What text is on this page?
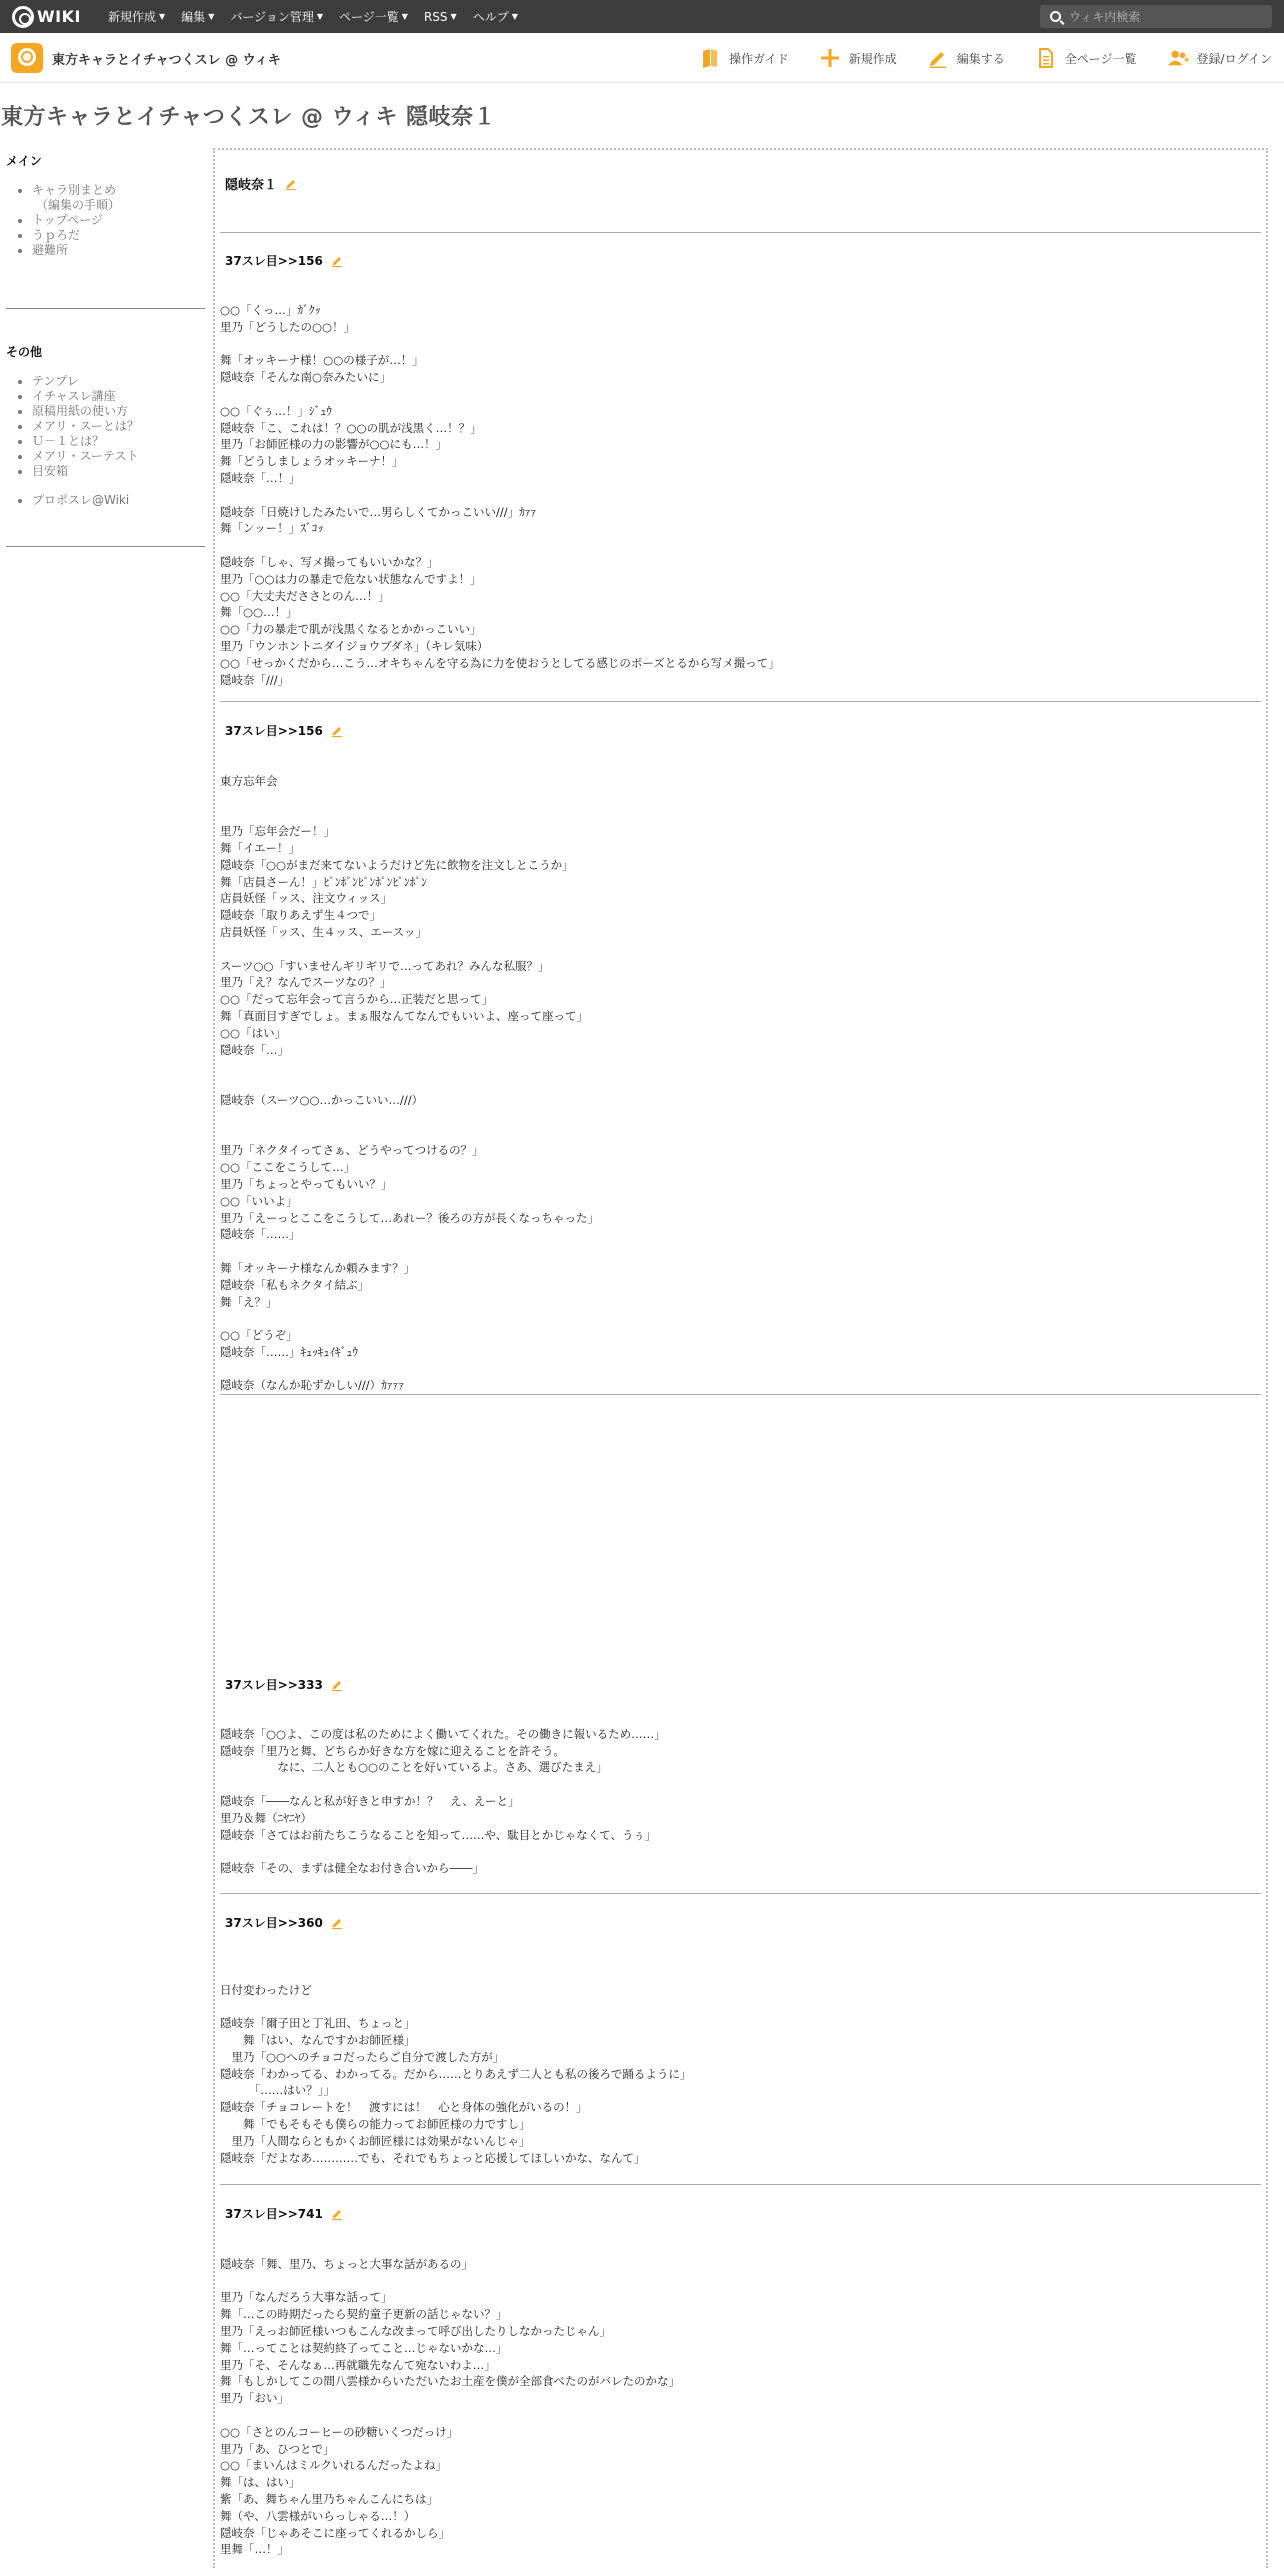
WIKI 新規作成 ▼ 編集 ▼ バージョン管理 ▼ ページ一覧 ▼ RSS ▼ ヘルプ ▼
ウィキ内検索
東方キャラとイチャつくスレ @ ウィキ	操作ガイド	新規作成	編集する	全ページ一覧	登録/ログイン
東方キャラとイチャつくスレ @ ウィキ 隠岐奈１
メイン
• キャラ別まとめ
（編集の手順）
• トップページ
• うｐろだ
• 避難所
その他
• テンプレ
• イチャスレ講座
• 原稿用紙の使い方
• メアリ・スーとは？
• Ｕ－１とは？
• メアリ・スーテスト
• 目安箱
• プロポスレ@Wiki
隠岐奈１
37スレ目>>156
○○「くっ…」ｶﾞｸｯ
里乃「どうしたの○○！」

舞「オッキーナ様！○○の様子が…！」
隠岐奈「そんな南○奈みたいに」

○○「ぐぅ…！」ｼﾞｭｳ
隠岐奈「こ、これは！？○○の肌が浅黒く…！？」
里乃「お師匠様の力の影響が○○にも…！」
舞「どうしましょうオッキーナ！」
隠岐奈「…！」

隠岐奈「日焼けしたみたいで…男らしくてかっこいい///」ｶｧｧ
舞「ンッー！」ｽﾞｺｯ

隠岐奈「しゃ、写メ撮ってもいいかな？」
里乃「○○は力の暴走で危ない状態なんですよ！」
○○「大丈夫だささとのん…！」
舞「○○…！」
○○「力の暴走で肌が浅黒くなるとかかっこいい」
里乃「ウンホントニダイジョウブダネ」（キレ気味）
○○「せっかくだから…こう…オキちゃんを守る為に力を使おうとしてる感じのポーズとるから写メ撮って」
隠岐奈「///」
37スレ目>>156

東方忘年会

里乃「忘年会だー！」
舞「イエー！」
隠岐奈「○○がまだ来てないようだけど先に飲物を注文しとこうか」
舞「店員さーん！」ﾋﾟﾝﾎﾟﾝﾋﾟﾝﾎﾟﾝﾋﾟﾝﾎﾟﾝ
店員妖怪「ッス、注文ウィッス」
隠岐奈「取りあえず生４つで」
店員妖怪「ッス、生４ッス、エースッ」

スーツ○○「すいませんギリギリで…ってあれ？みんな私服？」
里乃「え？なんでスーツなの？」
○○「だって忘年会って言うから…正装だと思って」
舞「真面目すぎでしょ。まぁ服なんてなんでもいいよ、座って座って」
○○「はい」
隠岐奈「…」

隠岐奈（スーツ○○…かっこいい…///）

里乃「ネクタイってさぁ、どうやってつけるの？」
○○「ここをこうして…」
里乃「ちょっとやってもいい？」
○○「いいよ」
里乃「えーっとここをこうして…あれー？後ろの方が長くなっちゃった」
隠岐奈「……」

舞「オッキーナ様なんか頼みます？」
隠岐奈「私もネクタイ結ぶ」
舞「え？」

○○「どうぞ」
隠岐奈「……」ｷｭｯｷｭｲｷﾞｭｳ

隠岐奈（なんか恥ずかしい///）ｶｧｧｧ
37スレ目>>333

隠岐奈「○○よ、この度は私のためによく働いてくれた。その働きに報いるため……」
隠岐奈「里乃と舞、どちらか好きな方を嫁に迎えることを許そう。
　　　　　なに、二人とも○○のことを好いているよ。さあ、選びたまえ」

隠岐奈「――なんと私が好きと申すか！？　え、えーと」
里乃＆舞（ﾆﾔﾆﾔ）
隠岐奈「さてはお前たちこうなることを知って……や、駄目とかじゃなくて、うぅ」

隠岐奈「その、まずは健全なお付き合いから――」
37スレ目>>360

日付変わったけど

隠岐奈「爾子田と丁礼田、ちょっと」
　　舞「はい、なんですかお師匠様」
　里乃「○○へのチョコだったらご自分で渡した方が」
隠岐奈「わかってる、わかってる。だから……とりあえず二人とも私の後ろで踊るように」
　　　「……はい？」」
隠岐奈「チョコレートを！　渡すには！　心と身体の強化がいるの！」
　　舞「でもそもそも僕らの能力ってお師匠様の力ですし」
　里乃「人間ならともかくお師匠様には効果がないんじゃ」
隠岐奈「だよなあ…………でも、それでもちょっと応援してほしいかな、なんて」
37スレ目>>741

隠岐奈「舞、里乃、ちょっと大事な話があるの」

里乃「なんだろう大事な話って」
舞「…この時期だったら契約童子更新の話じゃない？」
里乃「えっお師匠様いつもこんな改まって呼び出したりしなかったじゃん」
舞「…ってことは契約終了ってこと…じゃないかな…」
里乃「そ、そんなぁ…再就職先なんて宛ないわよ…」
舞「もしかしてこの間八雲様からいただいたお土産を僕が全部食べたのがバレたのかな」
里乃「おい」

○○「さとのんコーヒーの砂糖いくつだっけ」
里乃「あ、ひつとで」
○○「まいんはミルクいれるんだったよね」
舞「は、はい」
紫「あ、舞ちゃん里乃ちゃんこんにちは」
舞（や、八雲様がいらっしゃる…！）
隠岐奈「じゃあそこに座ってくれるかしら」
里舞「…！」
